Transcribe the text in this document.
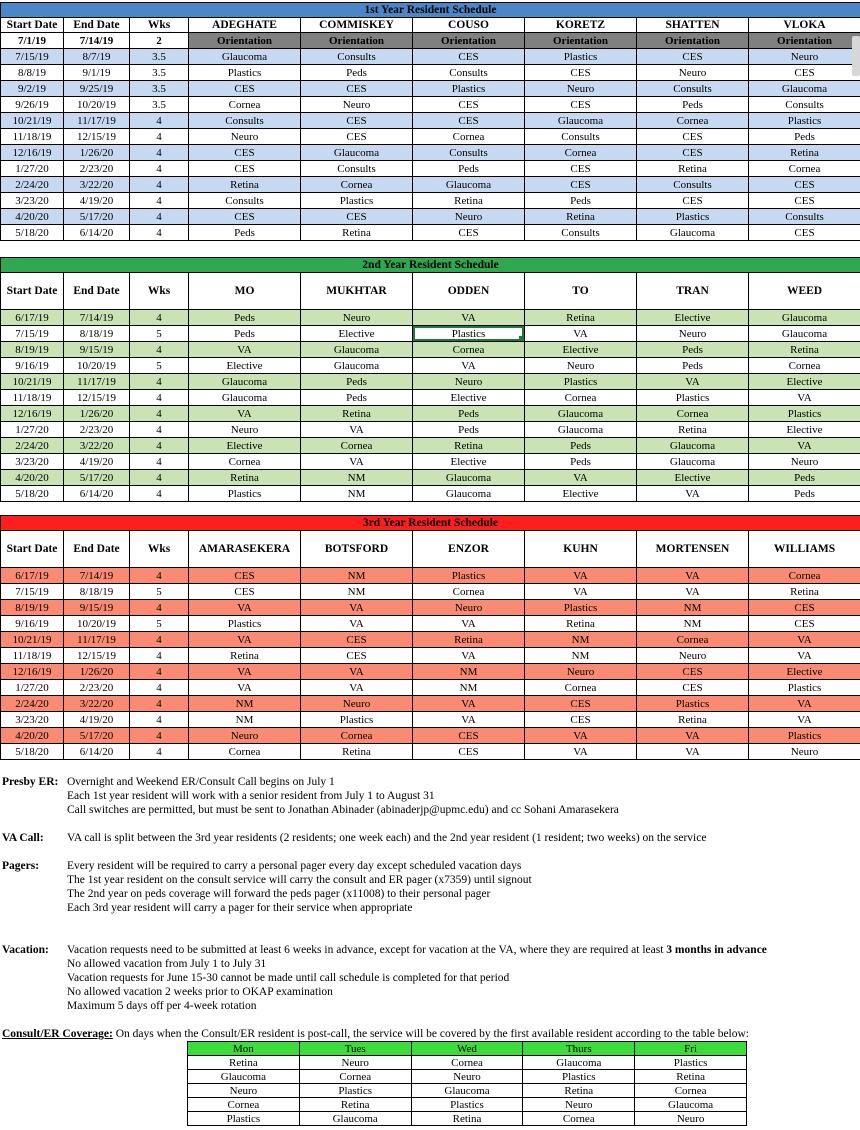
1st Year Resident Schedule								
Start Date	End Date	Wks	ADEGHATE	COMMISKEY	COUSO	KORETZ	SHATTEN	VLOKA
7/1/19	7/14/19	2	Orientation	Orientation	Orientation	Orientation	Orientation	Orientation
7/15/19	8/7/19	3.5	Glaucoma	Consults	CES	Plastics	CES	Neuro
8/8/19	9/1/19	3.5	Plastics	Peds	Consults	CES	Neuro	CES
9/2/19	9/25/19	3.5	CES	CES	Plastics	Neuro	Consults	Glaucoma
9/26/19	10/20/19	3.5	Cornea	Neuro	CES	CES	Peds	Consults
10/21/19	11/17/19	4	Consults	CES	CES	Glaucoma	Cornea	Plastics
11/18/19	12/15/19	4	Neuro	CES	Cornea	Consults	CES	Peds
12/16/19	1/26/20	4	CES	Glaucoma	Consults	Cornea	CES	Retina
1/27/20	2/23/20	4	CES	Consults	Peds	CES	Retina	Cornea
2/24/20	3/22/20	4	Retina	Cornea	Glaucoma	CES	Consults	CES
3/23/20	4/19/20	4	Consults	Plastics	Retina	Peds	CES	CES
4/20/20	5/17/20	4	CES	CES	Neuro	Retina	Plastics	Consults
5/18/20	6/14/20	4	Peds	Retina	CES	Consults	Glaucoma	CES
2nd Year Resident Schedule								
Start Date	End Date	Wks	MO	MUKHTAR	ODDEN	TO	TRAN	WEED
6/17/19	7/14/19	4	Peds	Neuro	VA	Retina	Elective	Glaucoma
7/15/19	8/18/19	5	Peds	Elective	Plastics	VA	Neuro	Glaucoma
8/19/19	9/15/19	4	VA	Glaucoma	Cornea	Elective	Peds	Retina
9/16/19	10/20/19	5	Elective	Glaucoma	VA	Neuro	Peds	Cornea
10/21/19	11/17/19	4	Glaucoma	Peds	Neuro	Plastics	VA	Elective
11/18/19	12/15/19	4	Glaucoma	Peds	Elective	Cornea	Plastics	VA
12/16/19	1/26/20	4	VA	Retina	Peds	Glaucoma	Cornea	Plastics
1/27/20	2/23/20	4	Neuro	VA	Peds	Glaucoma	Retina	Elective
2/24/20	3/22/20	4	Elective	Cornea	Retina	Peds	Glaucoma	VA
3/23/20	4/19/20	4	Cornea	VA	Elective	Peds	Glaucoma	Neuro
4/20/20	5/17/20	4	Retina	NM	Glaucoma	VA	Elective	Peds
5/18/20	6/14/20	4	Plastics	NM	Glaucoma	Elective	VA	Peds
3rd Year Resident Schedule								
Start Date	End Date	Wks	AMARASEKERA	BOTSFORD	ENZOR	KUHN	MORTENSEN	WILLIAMS
6/17/19	7/14/19	4	CES	NM	Plastics	VA	VA	Cornea
7/15/19	8/18/19	5	CES	NM	Cornea	VA	VA	Retina
8/19/19	9/15/19	4	VA	VA	Neuro	Plastics	NM	CES
9/16/19	10/20/19	5	Plastics	VA	VA	Retina	NM	CES
10/21/19	11/17/19	4	VA	CES	Retina	NM	Cornea	VA
11/18/19	12/15/19	4	Retina	CES	VA	NM	Neuro	VA
12/16/19	1/26/20	4	VA	VA	NM	Neuro	CES	Elective
1/27/20	2/23/20	4	VA	VA	NM	Cornea	CES	Plastics
2/24/20	3/22/20	4	NM	Neuro	VA	CES	Plastics	VA
3/23/20	4/19/20	4	NM	Plastics	VA	CES	Retina	VA
4/20/20	5/17/20	4	Neuro	Cornea	CES	VA	VA	Plastics
5/18/20	6/14/20	4	Cornea	Retina	CES	VA	VA	Neuro
Presby ER: Overnight and Weekend ER/Consult Call begins on July 1
Each 1st year resident will work with a senior resident from July 1 to August 31
Call switches are permitted, but must be sent to Jonathan Abinader (abinaderjp@upmc.edu) and cc Sohani Amarasekera
VA Call: VA call is split between the 3rd year residents (2 residents; one week each) and the 2nd year resident (1 resident; two weeks) on the service
Pagers: Every resident will be required to carry a personal pager every day except scheduled vacation days
The 1st year resident on the consult service will carry the consult and ER pager (x7359) until signout
The 2nd year on peds coverage will forward the peds pager (x11008) to their personal pager
Each 3rd year resident will carry a pager for their service when appropriate
Vacation: Vacation requests need to be submitted at least 6 weeks in advance, except for vacation at the VA, where they are required at least 3 months in advance
No allowed vacation from July 1 to July 31
Vacation requests for June 15-30 cannot be made until call schedule is completed for that period
No allowed vacation 2 weeks prior to OKAP examination
Maximum 5 days off per 4-week rotation
Consult/ER Coverage: On days when the Consult/ER resident is post-call, the service will be covered by the first available resident according to the table below:
Mon	Tues	Wed	Thurs	Fri
Retina	Neuro	Cornea	Glaucoma	Plastics
Glaucoma	Cornea	Neuro	Plastics	Retina
Neuro	Plastics	Glaucoma	Retina	Cornea
Cornea	Retina	Plastics	Neuro	Glaucoma
Plastics	Glaucoma	Retina	Cornea	Neuro
